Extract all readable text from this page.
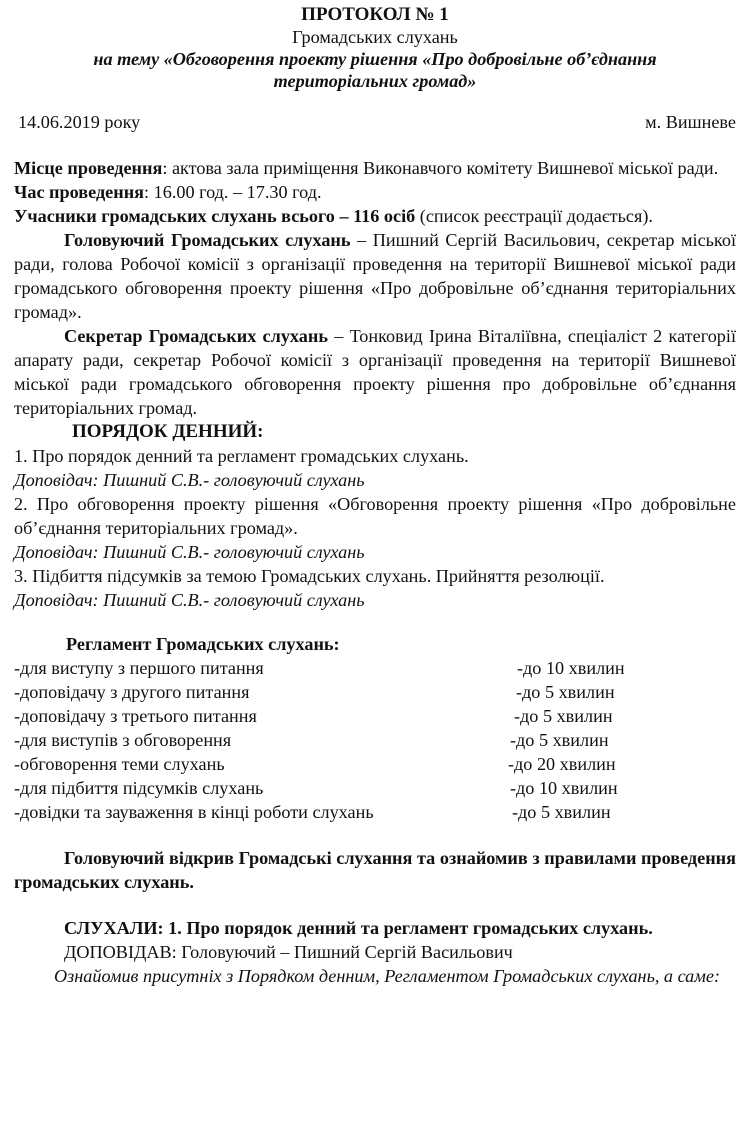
ПРОТОКОЛ № 1
Громадських слухань
на тему «Обговорення проекту рішення «Про добровільне об’єднання
територіальних громад»
14.06.2019 року	м. Вишневе
Місце проведення: актова зала приміщення Виконавчого комітету Вишневої міської ради.
Час проведення: 16.00 год. – 17.30 год.
Учасники громадських слухань всього – 116 осіб (список реєстрації додається).
Головуючий Громадських слухань – Пишний Сергій Васильович, секретар міської ради, голова Робочої комісії з організації проведення на території Вишневої міської ради громадського обговорення проекту рішення «Про добровільне об’єднання територіальних громад».
Секретар Громадських слухань – Тонковид Ірина Віталіївна, спеціаліст 2 категорії апарату ради, секретар Робочої комісії з організації проведення на території Вишневої міської ради громадського обговорення проекту рішення про добровільне об’єднання територіальних громад.
ПОРЯДОК ДЕННИЙ:
1. Про порядок денний та регламент громадських слухань.
Доповідач: Пишний С.В.- головуючий слухань
2. Про обговорення проекту рішення «Обговорення проекту рішення «Про добровільне об’єднання територіальних громад».
Доповідач: Пишний С.В.- головуючий слухань
3. Підбиття підсумків за темою Громадських слухань. Прийняття резолюції.
Доповідач: Пишний С.В.- головуючий слухань
Регламент Громадських слухань:
-для виступу з першого питання	-до 10 хвилин
-доповідачу з другого питання	-до 5 хвилин
-доповідачу з третього питання	-до 5 хвилин
-для виступів з обговорення	-до 5 хвилин
-обговорення теми слухань	-до 20 хвилин
-для підбиття підсумків слухань	-до 10 хвилин
-довідки та зауваження в кінці роботи слухань	-до 5 хвилин
Головуючий відкрив Громадські слухання та ознайомив з правилами проведення громадських слухань.
СЛУХАЛИ: 1. Про порядок денний та регламент громадських слухань.
ДОПОВІДАВ: Головуючий – Пишний Сергій Васильович
Ознайомив присутніх з Порядком денним, Регламентом Громадських слухань, а саме:
